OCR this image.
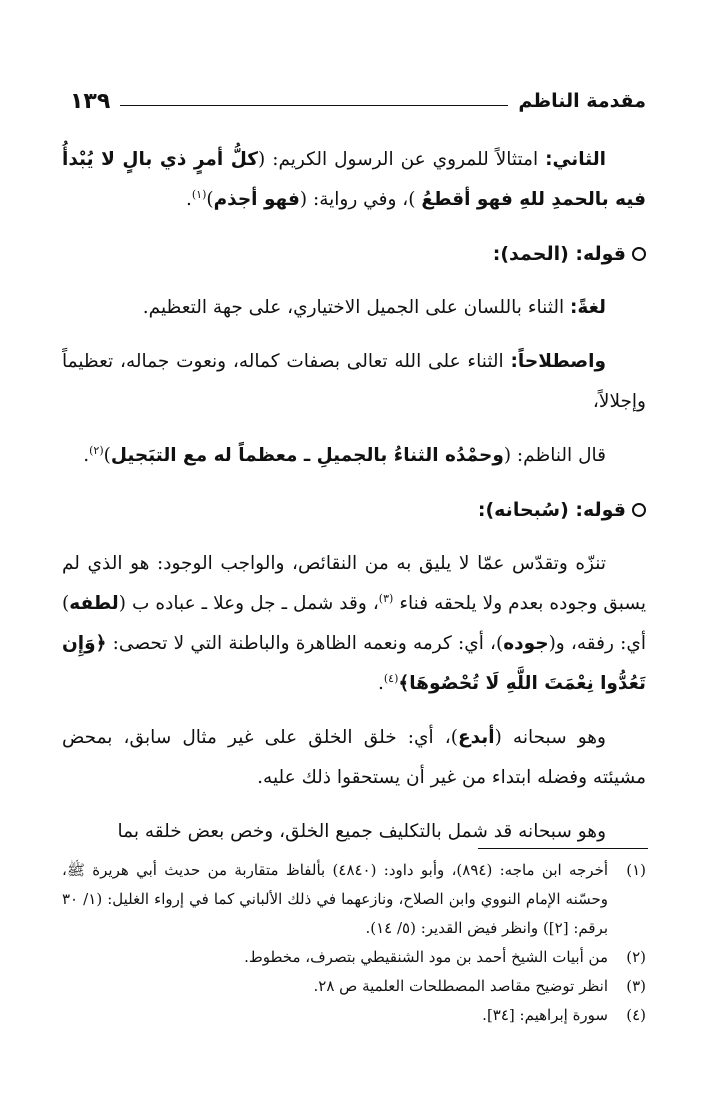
مقدمة الناظم
١٣٩

الثاني: امتثالاً للمروي عن الرسول الكريم: (كلُّ أمرٍ ذي بالٍ لا يُبْدأُ فيه بالحمدِ للهِ فهو أقطعُ )، وفي رواية: (فهو أجذم)$^{(١)}$.

قوله: (الحمد):

لغةً: الثناء باللسان على الجميل الاختياري، على جهة التعظيم.

واصطلاحاً: الثناء على الله تعالى بصفات كماله، ونعوت جماله، تعظيماً وإجلالاً،

قال الناظم: (وحمْدُه الثناءُ بالجميلِ ـ معظماً له مع التبَجيل)$^{(٢)}$.

قوله: (سُبحانه):

تنزّه وتقدّس عمّا لا يليق به من النقائص، والواجب الوجود: هو الذي لم يسبق وجوده بعدم ولا يلحقه فناء $^{(٣)}$، وقد شمل ـ جل وعلا ـ عباده ب (لطفه) أي: رفقه، و(جوده)، أي: كرمه ونعمه الظاهرة والباطنة التي لا تحصى: ﴿وَإِن تَعُدُّوا نِعْمَتَ اللَّهِ لَا تُحْصُوهَا﴾$^{(٤)}$.

وهو سبحانه (أبدع)، أي: خلق الخلق على غير مثال سابق، بمحض مشيئته وفضله ابتداء من غير أن يستحقوا ذلك عليه.

وهو سبحانه قد شمل بالتكليف جميع الخلق، وخص بعض خلقه بما

(١)
أخرجه ابن ماجه: (٨٩٤)، وأبو داود: (٤٨٤٠) بألفاظ متقاربة من حديث أبي هريرة ﷺ، وحسّنه الإمام النووي وابن الصلاح، ونازعهما في ذلك الألباني كما في إرواء الغليل: (١/ ٣٠ برقم: [٢]) وانظر فيض القدير: (٥/ ١٤).
(٢)
من أبيات الشيخ أحمد بن مود الشنقيطي بتصرف، مخطوط.
(٣)
انظر توضيح مقاصد المصطلحات العلمية ص ٢٨.
(٤)
سورة إبراهيم: [٣٤].
